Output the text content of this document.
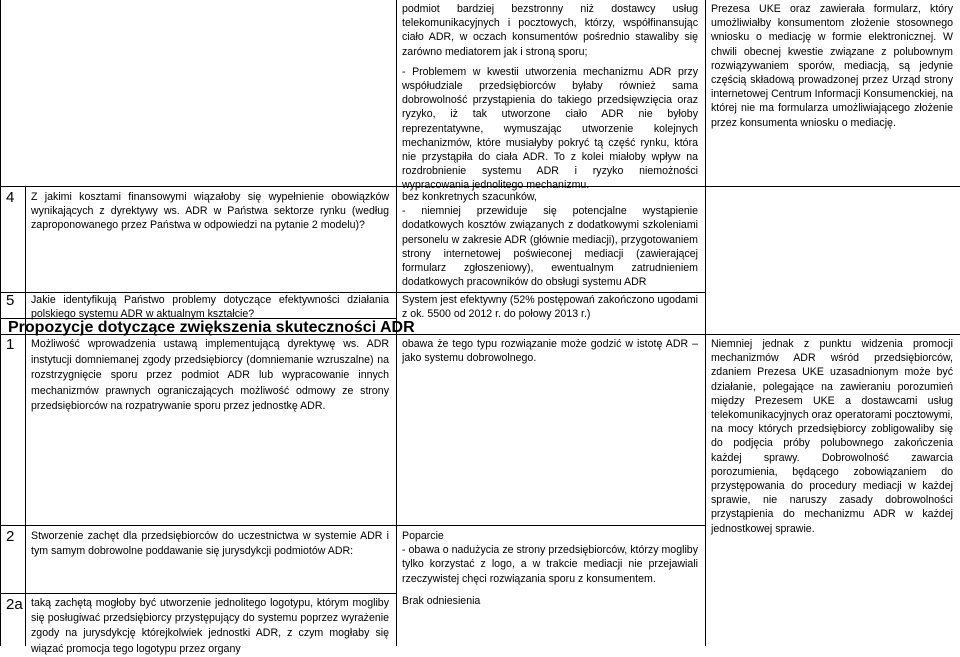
podmiot bardziej bezstronny niż dostawcy usług telekomunikacyjnych i pocztowych, którzy, współfinansując ciało ADR, w oczach konsumentów pośrednio stawaliby się zarówno mediatorem jak i stroną sporu;
- Problemem w kwestii utworzenia mechanizmu ADR przy współudziale przedsiębiorców byłaby również sama dobrowolność przystąpienia do takiego przedsięwzięcia oraz ryzyko, iż tak utworzone ciało ADR nie byłoby reprezentatywne, wymuszając utworzenie kolejnych mechanizmów, które musiałyby pokryć tą część rynku, która nie przystąpiła do ciała ADR. To z kolei miałoby wpływ na rozdrobnienie systemu ADR i ryzyko niemożności wypracowania jednolitego mechanizmu.
Prezesa UKE oraz zawierała formularz, który umożliwiałby konsumentom złożenie stosownego wniosku o mediację w formie elektronicznej. W chwili obecnej kwestie związane z polubownym rozwiązywaniem sporów, mediacją, są jedynie częścią składową prowadzonej przez Urząd strony internetowej Centrum Informacji Konsumenckiej, na której nie ma formularza umożliwiającego złożenie przez konsumenta wniosku o mediację.
4 Z jakimi kosztami finansowymi wiązałoby się wypełnienie obowiązków wynikających z dyrektywy ws. ADR w Państwa sektorze rynku (według zaproponowanego przez Państwa w odpowiedzi na pytanie 2 modelu)?
bez konkretnych szacunków,
- niemniej przewiduje się potencjalne wystąpienie dodatkowych kosztów związanych z dodatkowymi szkoleniami personelu w zakresie ADR (głównie mediacji), przygotowaniem strony internetowej poświeconej mediacji (zawierającej formularz zgłoszeniowy), ewentualnym zatrudnieniem dodatkowych pracowników do obsługi systemu ADR
5 Jakie identyfikują Państwo problemy dotyczące efektywności działania polskiego systemu ADR w aktualnym kształcie?
System jest efektywny (52% postępowań zakończono ugodami z ok. 5500 od 2012 r. do połowy 2013 r.)
Propozycje dotyczące zwiększenia skuteczności ADR
1 Możliwość wprowadzenia ustawą implementującą dyrektywę ws. ADR instytucji domniemanej zgody przedsiębiorcy (domniemanie wzruszalne) na rozstrzygnięcie sporu przez podmiot ADR lub wypracowanie innych mechanizmów prawnych ograniczających możliwość odmowy ze strony przedsiębiorców na rozpatrywanie sporu przez jednostkę ADR.
obawa że tego typu rozwiązanie może godzić w istotę ADR – jako systemu dobrowolnego.
Niemniej jednak z punktu widzenia promocji mechanizmów ADR wśród przedsiębiorców, zdaniem Prezesa UKE uzasadnionym może być działanie, polegające na zawieraniu porozumień między Prezesem UKE a dostawcami usług telekomunikacyjnych oraz operatorami pocztowymi, na mocy których przedsiębiorcy zobligowaliby się do podjęcia próby polubownego zakończenia każdej sprawy. Dobrowolność zawarcia porozumienia, będącego zobowiązaniem do przystępowania do procedury mediacji w każdej sprawie, nie naruszy zasady dobrowolności przystąpienia do mechanizmu ADR w każdej jednostkowej sprawie.
2 Stworzenie zachęt dla przedsiębiorców do uczestnictwa w systemie ADR i tym samym dobrowolne poddawanie się jurysdykcji podmiotów ADR:
Poparcie
- obawa o nadużycia ze strony przedsiębiorców, którzy mogliby tylko korzystać z logo, a w trakcie mediacji nie przejawiali rzeczywistej chęci rozwiązania sporu z konsumentem.
2a taką zachętą mogłoby być utworzenie jednolitego logotypu, którym mogliby się posługiwać przedsiębiorcy przystępujący do systemu poprzez wyrażenie zgody na jurysdykcję którejkolwiek jednostki ADR, z czym mogłaby się wiązać promocja tego logotypu przez organy
Brak odniesienia
